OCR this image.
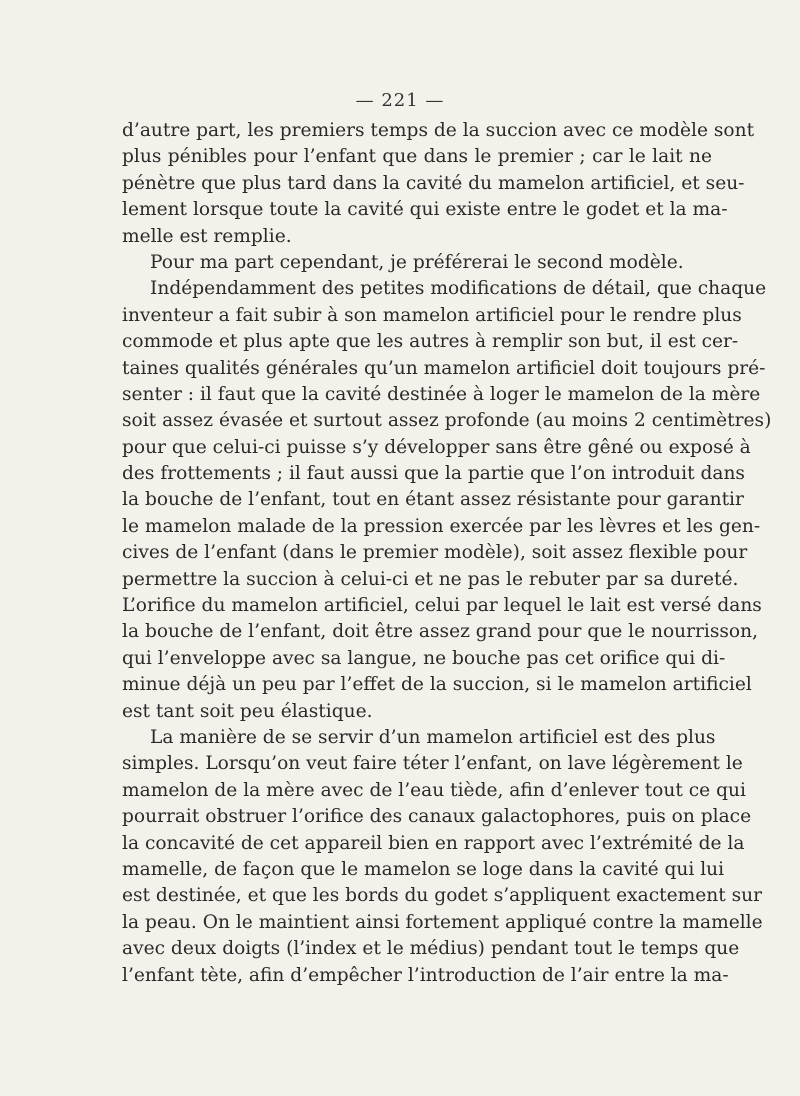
— 221 —
d’autre part, les premiers temps de la succion avec ce modèle sont
plus pénibles pour l’enfant que dans le premier ; car le lait ne
pénètre que plus tard dans la cavité du mamelon artificiel, et seu-
lement lorsque toute la cavité qui existe entre le godet et la ma-
melle est remplie.
Pour ma part cependant, je préférerai le second modèle.
Indépendamment des petites modifications de détail, que chaque
inventeur a fait subir à son mamelon artificiel pour le rendre plus
commode et plus apte que les autres à remplir son but, il est cer-
taines qualités générales qu’un mamelon artificiel doit toujours pré-
senter : il faut que la cavité destinée à loger le mamelon de la mère
soit assez évasée et surtout assez profonde (au moins 2 centimètres)
pour que celui-ci puisse s’y développer sans être gêné ou exposé à
des frottements ; il faut aussi que la partie que l’on introduit dans
la bouche de l’enfant, tout en étant assez résistante pour garantir
le mamelon malade de la pression exercée par les lèvres et les gen-
cives de l’enfant (dans le premier modèle), soit assez flexible pour
permettre la succion à celui-ci et ne pas le rebuter par sa dureté.
L’orifice du mamelon artificiel, celui par lequel le lait est versé dans
la bouche de l’enfant, doit être assez grand pour que le nourrisson,
qui l’enveloppe avec sa langue, ne bouche pas cet orifice qui di-
minue déjà un peu par l’effet de la succion, si le mamelon artificiel
est tant soit peu élastique.
La manière de se servir d’un mamelon artificiel est des plus
simples. Lorsqu’on veut faire téter l’enfant, on lave légèrement le
mamelon de la mère avec de l’eau tiède, afin d’enlever tout ce qui
pourrait obstruer l’orifice des canaux galactophores, puis on place
la concavité de cet appareil bien en rapport avec l’extrémité de la
mamelle, de façon que le mamelon se loge dans la cavité qui lui
est destinée, et que les bords du godet s’appliquent exactement sur
la peau. On le maintient ainsi fortement appliqué contre la mamelle
avec deux doigts (l’index et le médius) pendant tout le temps que
l’enfant tète, afin d’empêcher l’introduction de l’air entre la ma-
